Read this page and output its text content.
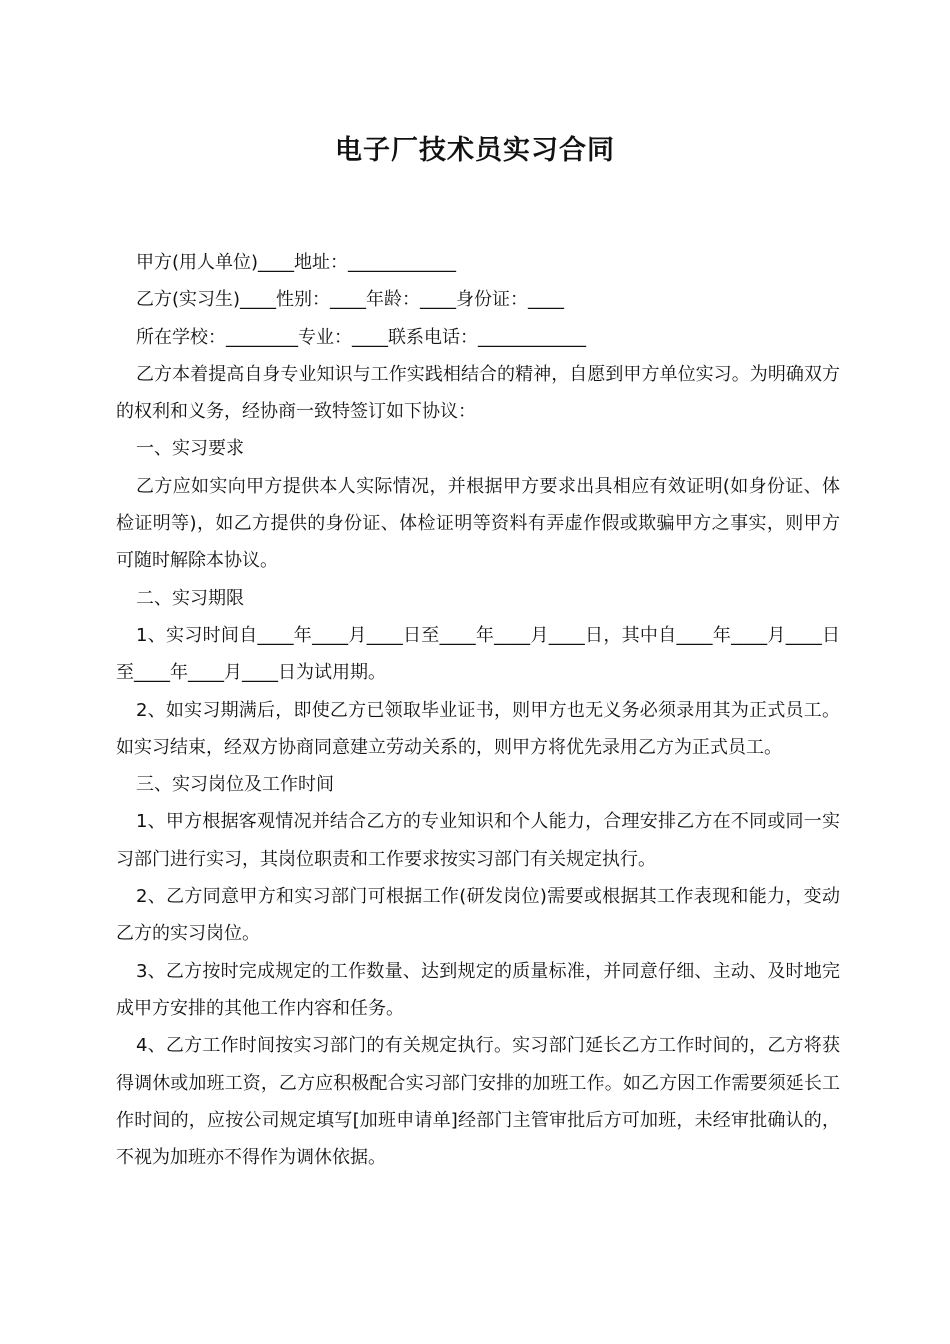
电子厂技术员实习合同

甲方(用人单位)____地址：____________

乙方(实习生)____性别：____年龄：____身份证：____

所在学校：________专业：____联系电话：____________

乙方本着提高自身专业知识与工作实践相结合的精神，自愿到甲方单位实习。为明确双方的权利和义务，经协商一致特签订如下协议：

一、实习要求

乙方应如实向甲方提供本人实际情况，并根据甲方要求出具相应有效证明(如身份证、体检证明等)，如乙方提供的身份证、体检证明等资料有弄虚作假或欺骗甲方之事实，则甲方可随时解除本协议。

二、实习期限

1、实习时间自____年____月____日至____年____月____日，其中自____年____月____日至____年____月____日为试用期。

2、如实习期满后，即使乙方已领取毕业证书，则甲方也无义务必须录用其为正式员工。如实习结束，经双方协商同意建立劳动关系的，则甲方将优先录用乙方为正式员工。

三、实习岗位及工作时间

1、甲方根据客观情况并结合乙方的专业知识和个人能力，合理安排乙方在不同或同一实习部门进行实习，其岗位职责和工作要求按实习部门有关规定执行。

2、乙方同意甲方和实习部门可根据工作(研发岗位)需要或根据其工作表现和能力，变动乙方的实习岗位。

3、乙方按时完成规定的工作数量、达到规定的质量标准，并同意仔细、主动、及时地完成甲方安排的其他工作内容和任务。

4、乙方工作时间按实习部门的有关规定执行。实习部门延长乙方工作时间的，乙方将获得调休或加班工资，乙方应积极配合实习部门安排的加班工作。如乙方因工作需要须延长工作时间的，应按公司规定填写[加班申请单]经部门主管审批后方可加班，未经审批确认的，不视为加班亦不得作为调休依据。
